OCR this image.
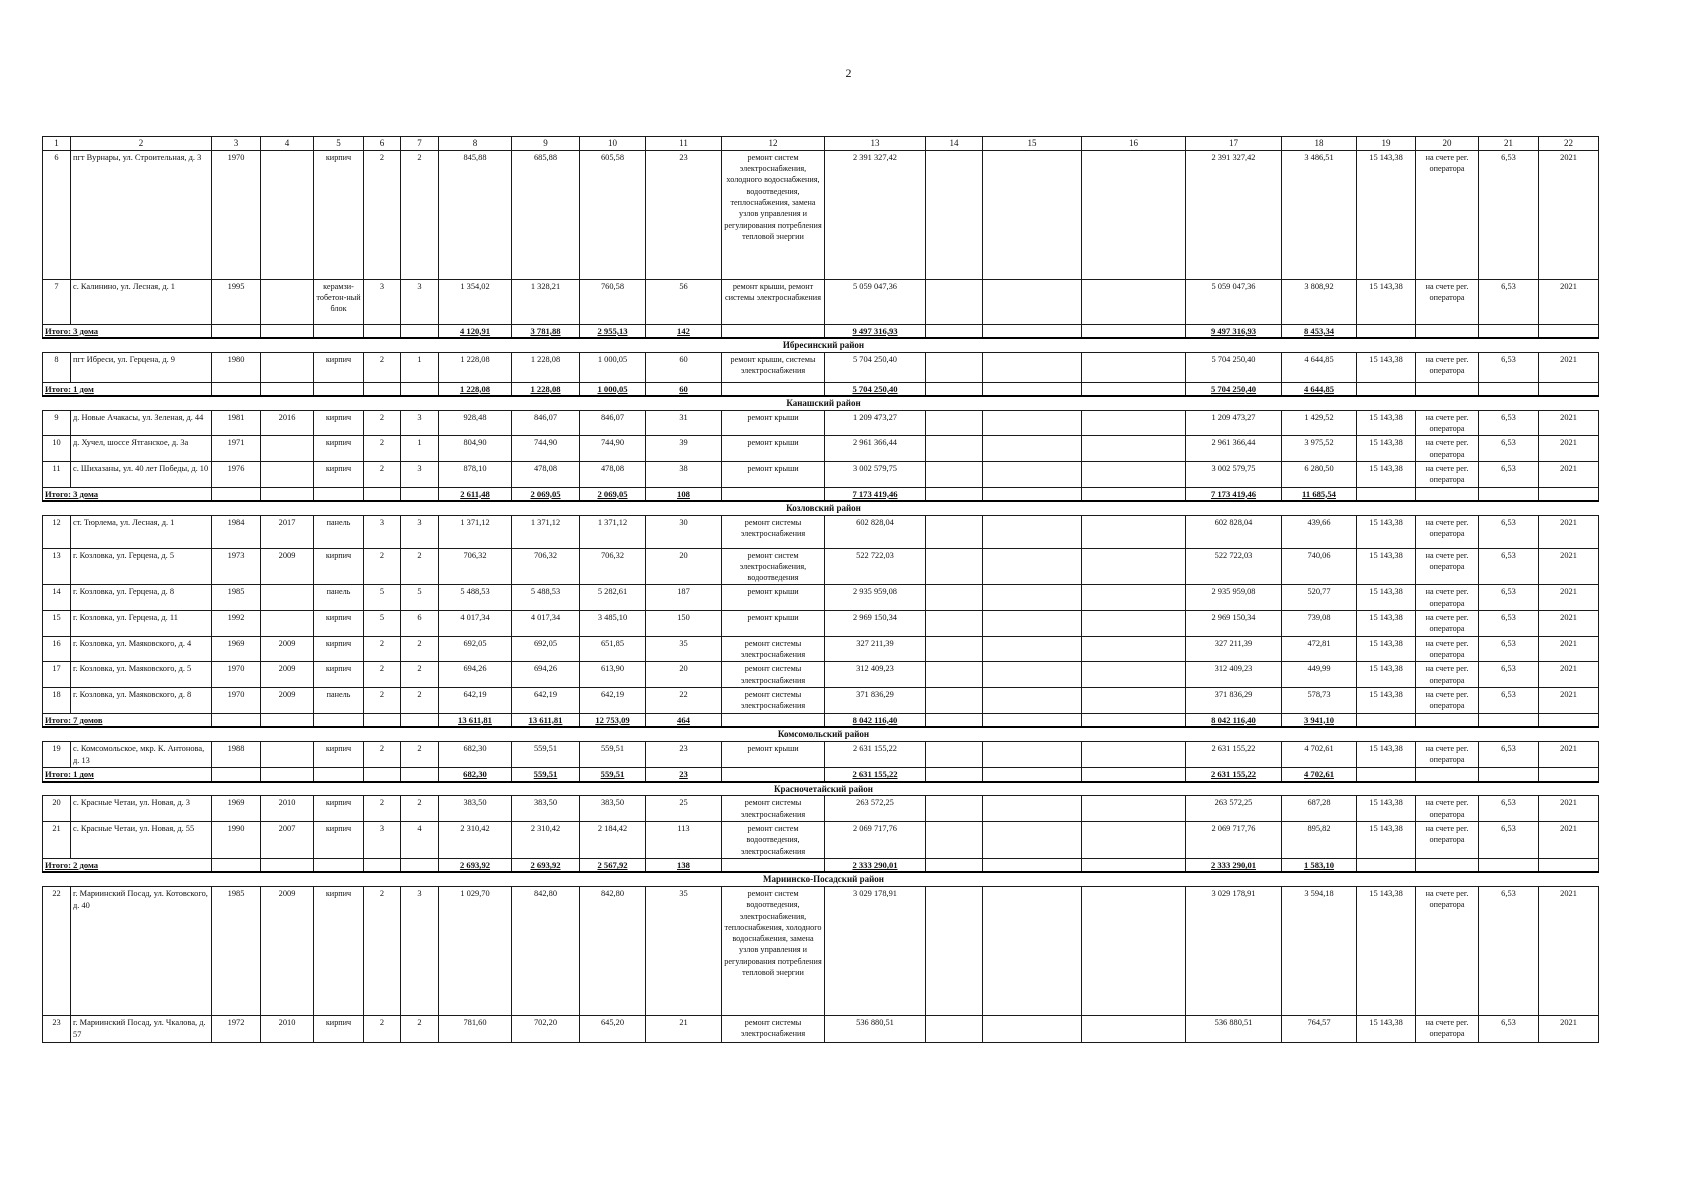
2
1	2	3	4	5	6	7	8	9	10	11	12	13	14	15	16	17	18	19	20	21	22
6	пгт Вурнары, ул. Строительная, д. 3	1970		кирпич	2	2	845,88	685,88	605,58	23	ремонт систем электроснабжения, холодного водоснабжения, водоотведения, теплоснабжения, замена узлов управления и регулирования потребления тепловой энергии	2 391 327,42				2 391 327,42	3 486,51	15 143,38	на счете рег. оператора	6,53	2021
7	с. Калинино, ул. Лесная, д. 1	1995		керамзи-тобетон-ный блок	3	3	1 354,02	1 328,21	760,58	56	ремонт крыши, ремонт системы электроснабжения	5 059 047,36				5 059 047,36	3 808,92	15 143,38	на счете рег. оператора	6,53	2021
Итого: 3 дома							4 120,91	3 781,88	2 955,13	142		9 497 316,93				9 497 316,93	8 453,34				
											Ибресинский район										
8	пгт Ибреси, ул. Герцена, д. 9	1980		кирпич	2	1	1 228,08	1 228,08	1 000,05	60	ремонт крыши, системы электроснабжения	5 704 250,40				5 704 250,40	4 644,85	15 143,38	на счете рег. оператора	6,53	2021
Итого: 1 дом							1 228,08	1 228,08	1 000,05	60		5 704 250,40				5 704 250,40	4 644,85				
											Канашский район										
9	д. Новые Ачакасы, ул. Зеленая, д. 44	1981	2016	кирпич	2	3	928,48	846,07	846,07	31	ремонт крыши	1 209 473,27				1 209 473,27	1 429,52	15 143,38	на счете рег. оператора	6,53	2021
10	д. Хучел, шоссе Ятганское, д. 3а	1971		кирпич	2	1	804,90	744,90	744,90	39	ремонт крыши	2 961 366,44				2 961 366,44	3 975,52	15 143,38	на счете рег. оператора	6,53	2021
11	с. Шихазаны, ул. 40 лет Победы, д. 10	1976		кирпич	2	3	878,10	478,08	478,08	38	ремонт крыши	3 002 579,75				3 002 579,75	6 280,50	15 143,38	на счете рег. оператора	6,53	2021
Итого: 3 дома							2 611,48	2 069,05	2 069,05	108		7 173 419,46				7 173 419,46	11 685,54				
											Козловский район										
12	ст. Тюрлема, ул. Лесная, д. 1	1984	2017	панель	3	3	1 371,12	1 371,12	1 371,12	30	ремонт системы электроснабжения	602 828,04				602 828,04	439,66	15 143,38	на счете рег. оператора	6,53	2021
13	г. Козловка, ул. Герцена, д. 5	1973	2009	кирпич	2	2	706,32	706,32	706,32	20	ремонт систем электроснабжения, водоотведения	522 722,03				522 722,03	740,06	15 143,38	на счете рег. оператора	6,53	2021
14	г. Козловка, ул. Герцена, д. 8	1985		панель	5	5	5 488,53	5 488,53	5 282,61	187	ремонт крыши	2 935 959,08				2 935 959,08	520,77	15 143,38	на счете рег. оператора	6,53	2021
15	г. Козловка, ул. Герцена, д. 11	1992		кирпич	5	6	4 017,34	4 017,34	3 485,10	150	ремонт крыши	2 969 150,34				2 969 150,34	739,08	15 143,38	на счете рег. оператора	6,53	2021
16	г. Козловка, ул. Маяковского, д. 4	1969	2009	кирпич	2	2	692,05	692,05	651,85	35	ремонт системы электроснабжения	327 211,39				327 211,39	472,81	15 143,38	на счете рег. оператора	6,53	2021
17	г. Козловка, ул. Маяковского, д. 5	1970	2009	кирпич	2	2	694,26	694,26	613,90	20	ремонт системы электроснабжения	312 409,23				312 409,23	449,99	15 143,38	на счете рег. оператора	6,53	2021
18	г. Козловка, ул. Маяковского, д. 8	1970	2009	панель	2	2	642,19	642,19	642,19	22	ремонт системы электроснабжения	371 836,29				371 836,29	578,73	15 143,38	на счете рег. оператора	6,53	2021
Итого: 7 домов							13 611,81	13 611,81	12 753,09	464		8 042 116,40				8 042 116,40	3 941,10				
											Комсомольский район										
19	с. Комсомольское, мкр. К. Антонова, д. 13	1988		кирпич	2	2	682,30	559,51	559,51	23	ремонт крыши	2 631 155,22				2 631 155,22	4 702,61	15 143,38	на счете рег. оператора	6,53	2021
Итого: 1 дом							682,30	559,51	559,51	23		2 631 155,22				2 631 155,22	4 702,61				
											Красночетайский район										
20	с. Красные Четаи, ул. Новая, д. 3	1969	2010	кирпич	2	2	383,50	383,50	383,50	25	ремонт системы электроснабжения	263 572,25				263 572,25	687,28	15 143,38	на счете рег. оператора	6,53	2021
21	с. Красные Четаи, ул. Новая, д. 55	1990	2007	кирпич	3	4	2 310,42	2 310,42	2 184,42	113	ремонт систем водоотведения, электроснабжения	2 069 717,76				2 069 717,76	895,82	15 143,38	на счете рег. оператора	6,53	2021
Итого: 2 дома							2 693,92	2 693,92	2 567,92	138		2 333 290,01				2 333 290,01	1 583,10				
											Мариинско-Посадский район										
22	г. Мариинский Посад, ул. Котовского, д. 40	1985	2009	кирпич	2	3	1 029,70	842,80	842,80	35	ремонт систем водоотведения, электроснабжения, теплоснабжения, холодного водоснабжения, замена узлов управления и регулирования потребления тепловой энергии	3 029 178,91				3 029 178,91	3 594,18	15 143,38	на счете рег. оператора	6,53	2021
23	г. Мариинский Посад, ул. Чкалова, д. 57	1972	2010	кирпич	2	2	781,60	702,20	645,20	21	ремонт системы электроснабжения	536 880,51				536 880,51	764,57	15 143,38	на счете рег. оператора	6,53	2021
